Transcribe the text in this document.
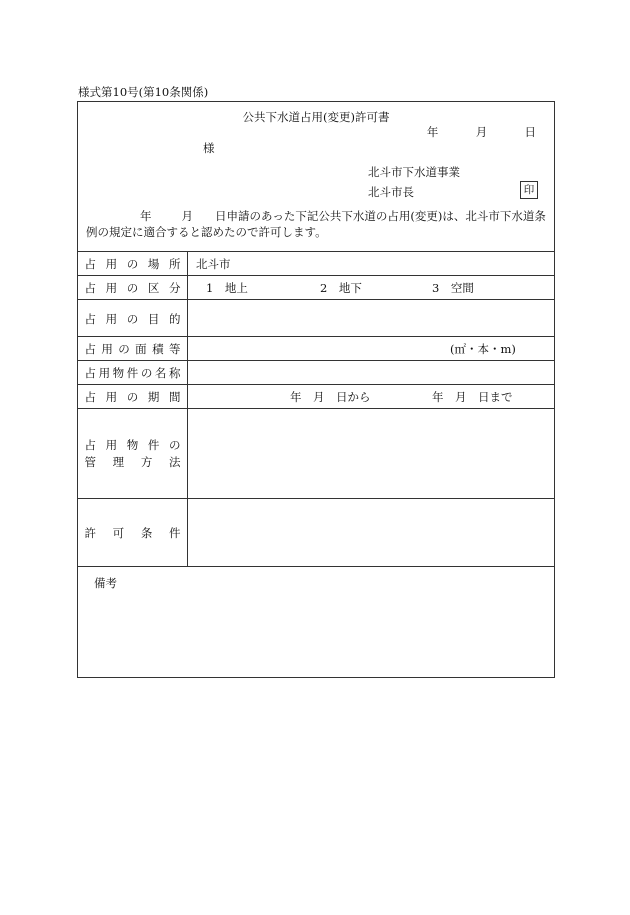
様式第10号(第10条関係)
公共下水道占用(変更)許可書
年	月	日
様
北斗市下水道事業
北斗市長	印
年	月 日申請のあった下記公共下水道の占用(変更)は、北斗市下水道条例の規定に適合すると認めたので許可します。
占 用 の 場 所 北斗市
占 用 の 区 分 1　地上	2　地下	3　空間
占 用 の 目 的
占 用 の 面 積 等	(㎡・本・m)
占 用 物 件 の 名 称
占 用 の 期 間	年　月　日から	年　月　日まで
占 用 物 件 の
管 理 方 法
許 可 条 件
備考
